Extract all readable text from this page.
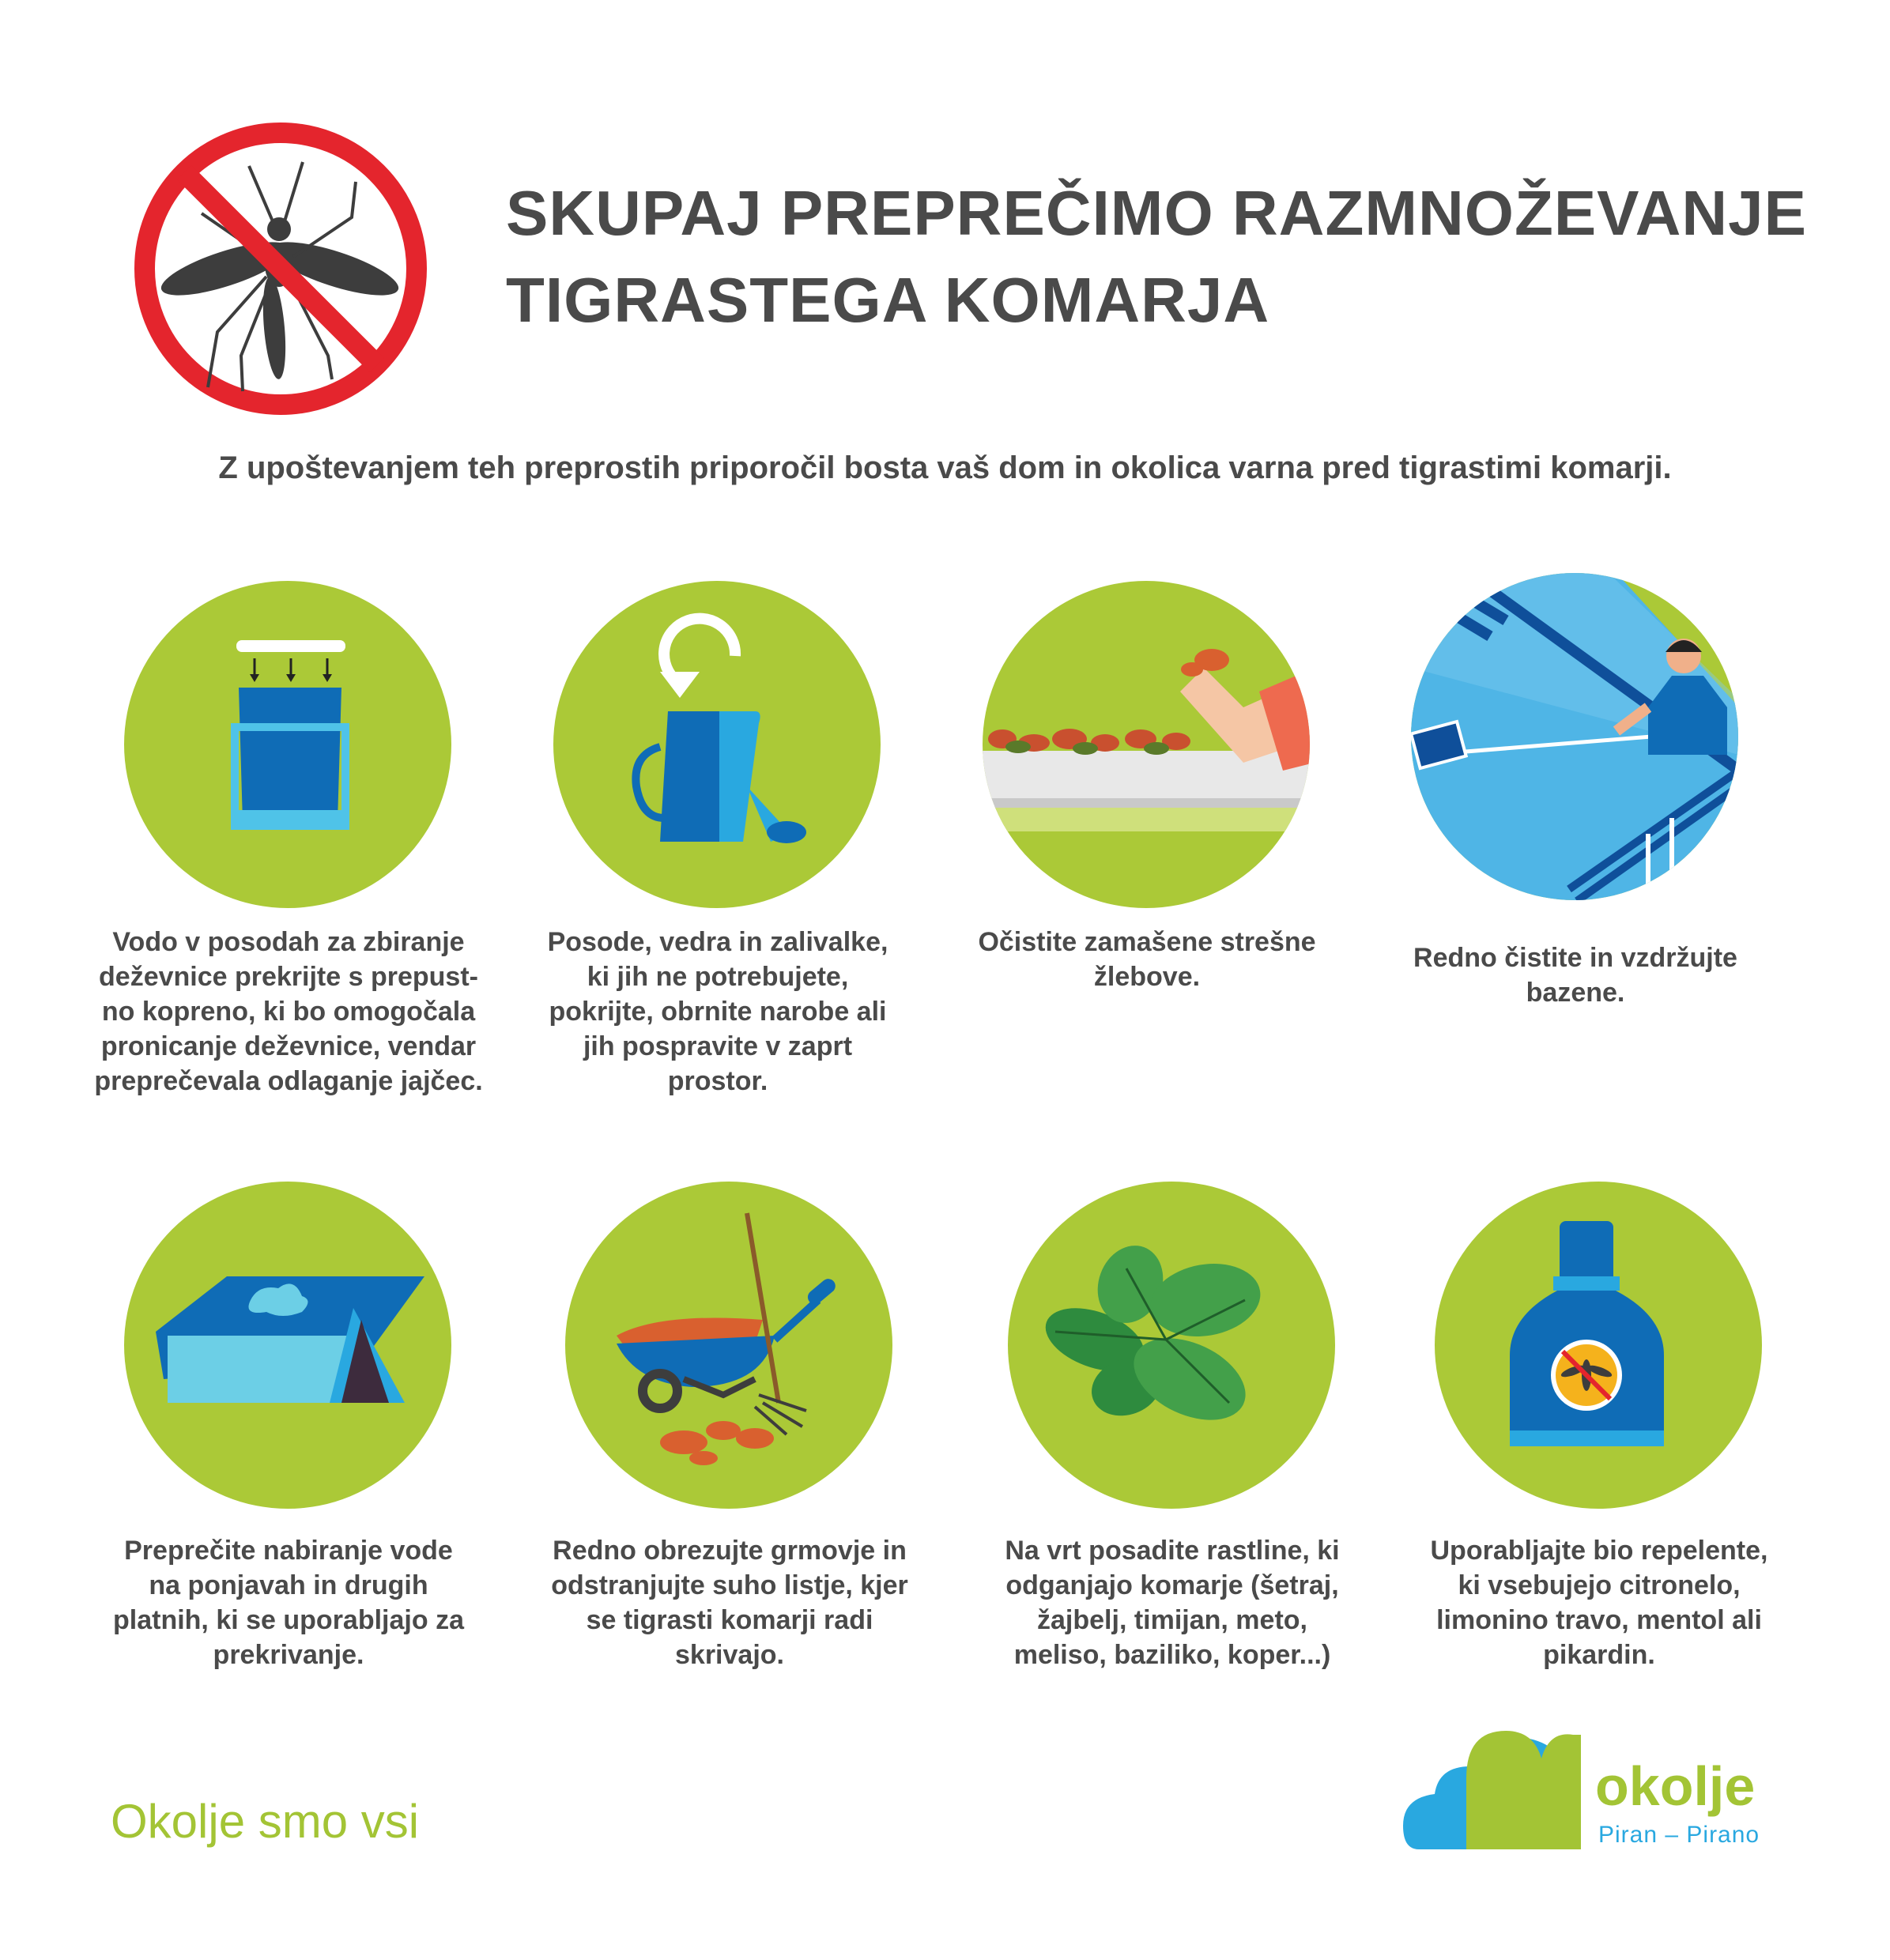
SKUPAJ PREPREČIMO RAZMNOŽEVANJE
TIGRASTEGA KOMARJA

Z upoštevanjem teh preprostih priporočil bosta vaš dom in okolica varna pred tigrastimi komarji.

Vodo v posodah za zbiranje
deževnice prekrijte s prepust-
no kopreno, ki bo omogočala
pronicanje deževnice, vendar
preprečevala odlaganje jajčec.

Posode, vedra in zalivalke,
ki jih ne potrebujete,
pokrijte, obrnite narobe ali
jih pospravite v zaprt
prostor.

Očistite zamašene strešne
žlebove.

Redno čistite in vzdržujte
bazene.

Preprečite nabiranje vode
na ponjavah in drugih
platnih, ki se uporabljajo za
prekrivanje.

Redno obrezujte grmovje in
odstranjujte suho listje, kjer
se tigrasti komarji radi
skrivajo.

Na vrt posadite rastline, ki
odganjajo komarje (šetraj,
žajbelj, timijan, meto,
meliso, baziliko, koper...)

Uporabljajte bio repelente,
ki vsebujejo citronelo,
limonino travo, mentol ali
pikardin.

Okolje smo vsi

okolje

Piran – Pirano
